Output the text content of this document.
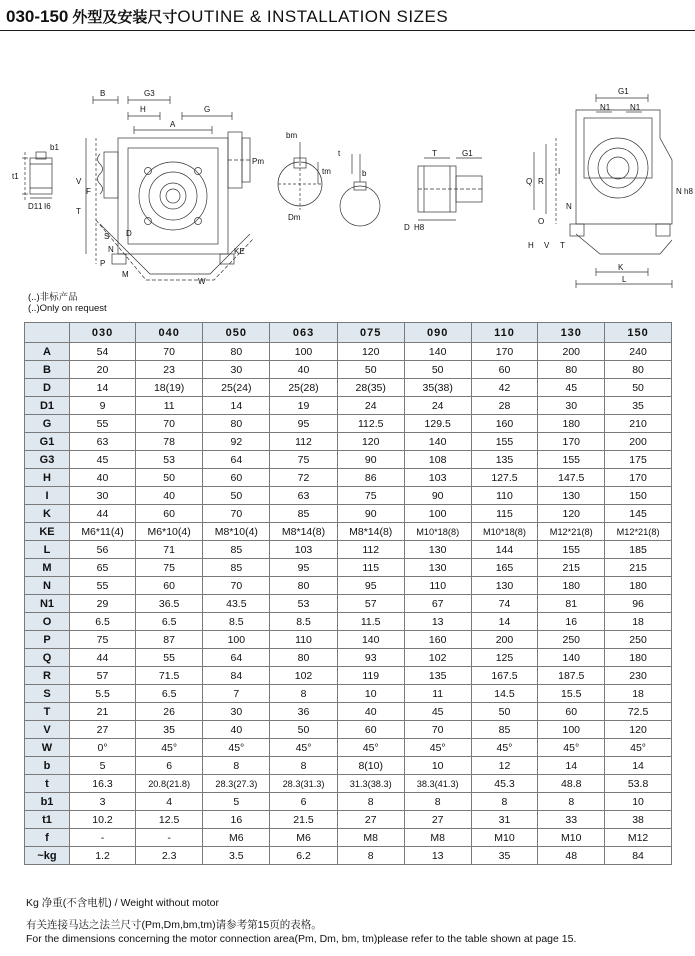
030-150 外型及安装尺寸OUTINE & INSTALLATION SIZES
t1
b1
D1 I6
1
F
B	G3
H	G
A
Pm
S
N
D
P
M
W
KE
V
T
bm
tm
Dm
b
t	T	G1
D H8
G1
N1 N1
R
Q
I
N
N h8
O
H V T
K
L
(..)非标产品
(..)Only on request
	030	040	050	063	075	090	110	130	150
A	54	70	80	100	120	140	170	200	240
B	20	23	30	40	50	50	60	80	80
D	14	18(19)	25(24)	25(28)	28(35)	35(38)	42	45	50
D1	9	11	14	19	24	24	28	30	35
G	55	70	80	95	112.5	129.5	160	180	210
G1	63	78	92	112	120	140	155	170	200
G3	45	53	64	75	90	108	135	155	175
H	40	50	60	72	86	103	127.5	147.5	170
I	30	40	50	63	75	90	110	130	150
K	44	60	70	85	90	100	115	120	145
KE	M6*11(4)	M6*10(4)	M8*10(4)	M8*14(8)	M8*14(8)	M10*18(8)	M10*18(8)	M12*21(8)	M12*21(8)
L	56	71	85	103	112	130	144	155	185
M	65	75	85	95	115	130	165	215	215
N	55	60	70	80	95	110	130	180	180
N1	29	36.5	43.5	53	57	67	74	81	96
O	6.5	6.5	8.5	8.5	11.5	13	14	16	18
P	75	87	100	110	140	160	200	250	250
Q	44	55	64	80	93	102	125	140	180
R	57	71.5	84	102	119	135	167.5	187.5	230
S	5.5	6.5	7	8	10	11	14.5	15.5	18
T	21	26	30	36	40	45	50	60	72.5
V	27	35	40	50	60	70	85	100	120
W	0°	45°	45°	45°	45°	45°	45°	45°	45°
b	5	6	8	8	8(10)	10	12	14	14
t	16.3	20.8(21.8)	28.3(27.3)	28.3(31.3)	31.3(38.3)	38.3(41.3)	45.3	48.8	53.8
b1	3	4	5	6	8	8	8	8	10
t1	10.2	12.5	16	21.5	27	27	31	33	38
f	-	-	M6	M6	M8	M8	M10	M10	M12
~kg	1.2	2.3	3.5	6.2	8	13	35	48	84
Kg 净重(不含电机) / Weight without motor
有关连接马达之法兰尺寸(Pm,Dm,bm,tm)请参考第15页的表格。
For the dimensions concerning the motor connection area(Pm, Dm, bm, tm)please refer to the table shown at page 15.
